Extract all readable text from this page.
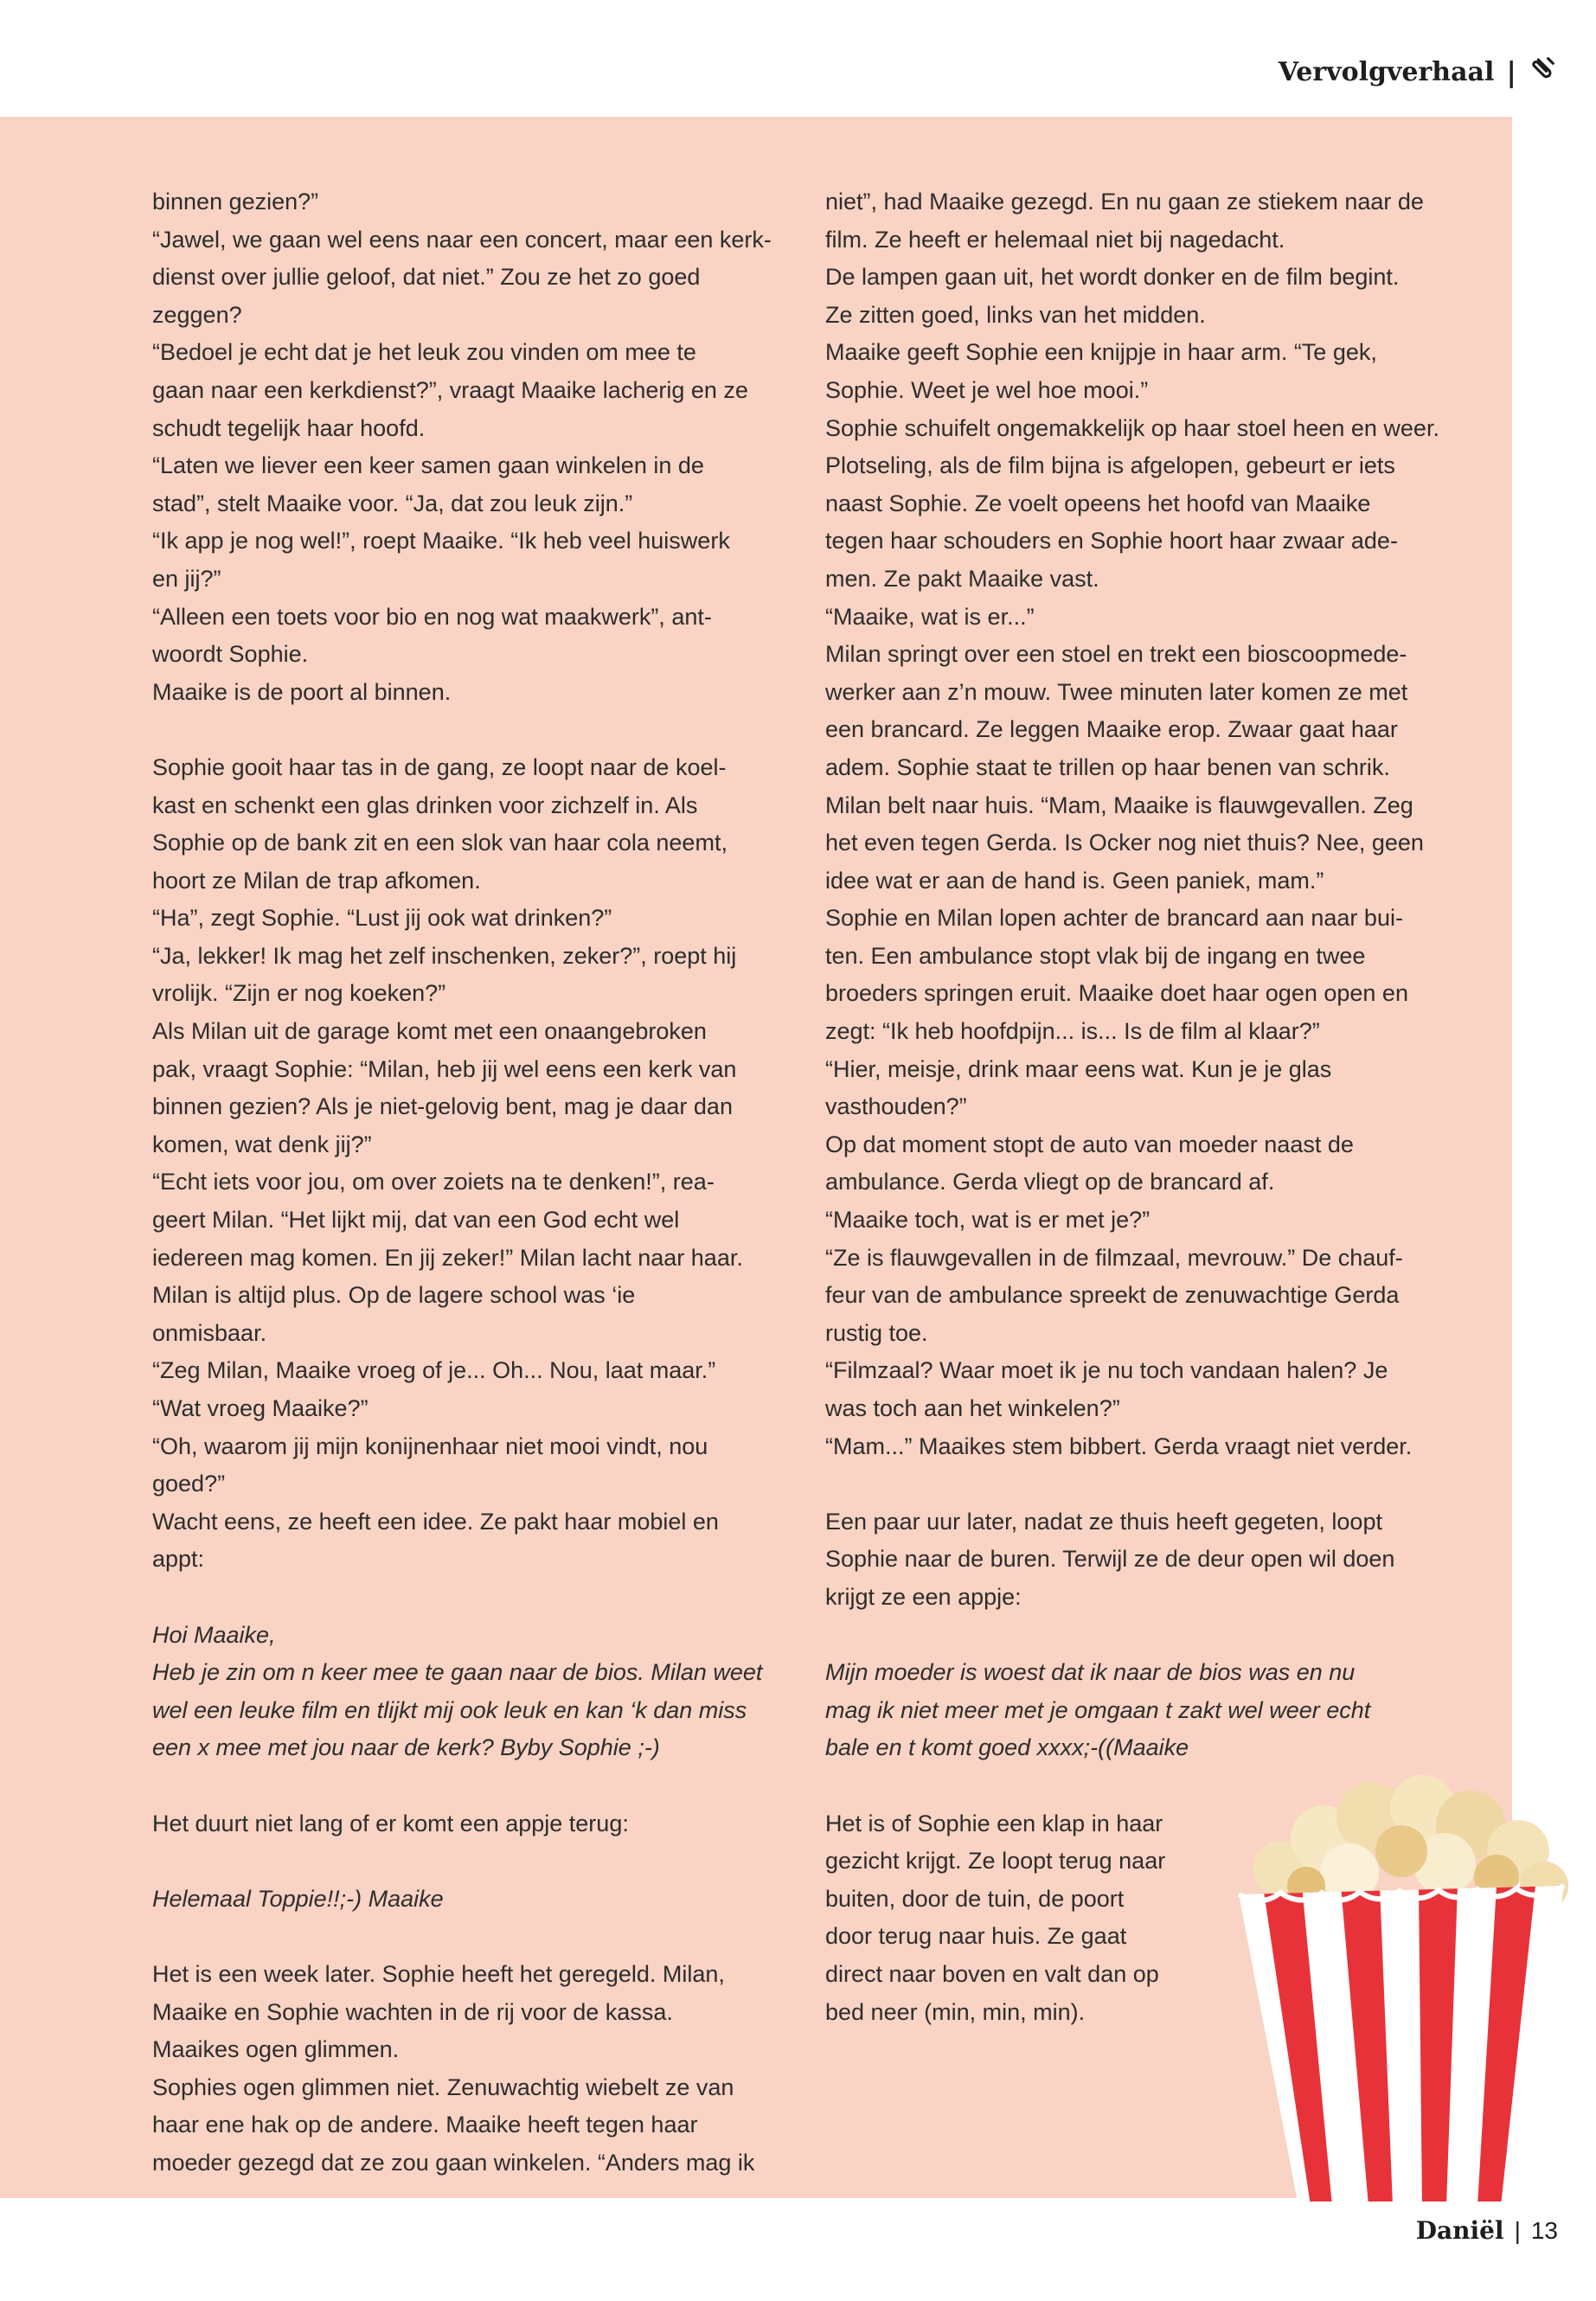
Vervolgverhaal |

binnen gezien?”

“Jawel, we gaan wel eens naar een concert, maar een kerk-

dienst over jullie geloof, dat niet.” Zou ze het zo goed zeggen?

“Bedoel je echt dat je het leuk zou vinden om mee te

gaan naar een kerkdienst?”, vraagt Maaike lacherig en ze

schudt tegelijk haar hoofd.

“Laten we liever een keer samen gaan winkelen in de

stad”, stelt Maaike voor. “Ja, dat zou leuk zijn.”

“Ik app je nog wel!”, roept Maaike. “Ik heb veel huiswerk

en jij?”

“Alleen een toets voor bio en nog wat maakwerk”, ant-

woordt Sophie.

Maaike is de poort al binnen.

Sophie gooit haar tas in de gang, ze loopt naar de koel-

kast en schenkt een glas drinken voor zichzelf in. Als

Sophie op de bank zit en een slok van haar cola neemt,

hoort ze Milan de trap afkomen.

“Ha”, zegt Sophie. “Lust jij ook wat drinken?”

“Ja, lekker! Ik mag het zelf inschenken, zeker?”, roept hij

vrolijk. “Zijn er nog koeken?”

Als Milan uit de garage komt met een onaangebroken

pak, vraagt Sophie: “Milan, heb jij wel eens een kerk van

binnen gezien? Als je niet-gelovig bent, mag je daar dan

komen, wat denk jij?”

“Echt iets voor jou, om over zoiets na te denken!”, rea-

geert Milan. “Het lijkt mij, dat van een God echt wel

iedereen mag komen. En jij zeker!” Milan lacht naar haar.

Milan is altijd plus. Op de lagere school was ‘ie

onmisbaar.

“Zeg Milan, Maaike vroeg of je... Oh... Nou, laat maar.”

“Wat vroeg Maaike?”

“Oh, waarom jij mijn konijnenhaar niet mooi vindt, nou

goed?”

Wacht eens, ze heeft een idee. Ze pakt haar mobiel en

appt:

Hoi Maaike,

Heb je zin om n keer mee te gaan naar de bios. Milan weet

wel een leuke film en tlijkt mij ook leuk en kan ‘k dan miss

een x mee met jou naar de kerk? Byby Sophie ;-)

Het duurt niet lang of er komt een appje terug:

Helemaal Toppie!!;-) Maaike

Het is een week later. Sophie heeft het geregeld. Milan,

Maaike en Sophie wachten in de rij voor de kassa.

Maaikes ogen glimmen.

Sophies ogen glimmen niet. Zenuwachtig wiebelt ze van

haar ene hak op de andere. Maaike heeft tegen haar

moeder gezegd dat ze zou gaan winkelen. “Anders mag ik

niet”, had Maaike gezegd. En nu gaan ze stiekem naar de

film. Ze heeft er helemaal niet bij nagedacht.

De lampen gaan uit, het wordt donker en de film begint.

Ze zitten goed, links van het midden.

Maaike geeft Sophie een knijpje in haar arm. “Te gek,

Sophie. Weet je wel hoe mooi.”

Sophie schuifelt ongemakkelijk op haar stoel heen en weer.

Plotseling, als de film bijna is afgelopen, gebeurt er iets

naast Sophie. Ze voelt opeens het hoofd van Maaike

tegen haar schouders en Sophie hoort haar zwaar ade-

men. Ze pakt Maaike vast.

“Maaike, wat is er...”

Milan springt over een stoel en trekt een bioscoopmede-

werker aan z’n mouw. Twee minuten later komen ze met

een brancard. Ze leggen Maaike erop. Zwaar gaat haar

adem. Sophie staat te trillen op haar benen van schrik.

Milan belt naar huis. “Mam, Maaike is flauwgevallen. Zeg

het even tegen Gerda. Is Ocker nog niet thuis? Nee, geen

idee wat er aan de hand is. Geen paniek, mam.”

Sophie en Milan lopen achter de brancard aan naar bui-

ten. Een ambulance stopt vlak bij de ingang en twee

broeders springen eruit. Maaike doet haar ogen open en

zegt: “Ik heb hoofdpijn... is... Is de film al klaar?”

“Hier, meisje, drink maar eens wat. Kun je je glas

vasthouden?”

Op dat moment stopt de auto van moeder naast de

ambulance. Gerda vliegt op de brancard af.

“Maaike toch, wat is er met je?”

“Ze is flauwgevallen in de filmzaal, mevrouw.” De chauf-

feur van de ambulance spreekt de zenuwachtige Gerda

rustig toe.

“Filmzaal? Waar moet ik je nu toch vandaan halen? Je

was toch aan het winkelen?”

“Mam...” Maaikes stem bibbert. Gerda vraagt niet verder.

Een paar uur later, nadat ze thuis heeft gegeten, loopt

Sophie naar de buren. Terwijl ze de deur open wil doen

krijgt ze een appje:

Mijn moeder is woest dat ik naar de bios was en nu

mag ik niet meer met je omgaan t zakt wel weer echt

bale en t komt goed xxxx;-((Maaike

Het is of Sophie een klap in haar

gezicht krijgt. Ze loopt terug naar

buiten, door de tuin, de poort

door terug naar huis. Ze gaat

direct naar boven en valt dan op

bed neer (min, min, min).

Daniël | 13
